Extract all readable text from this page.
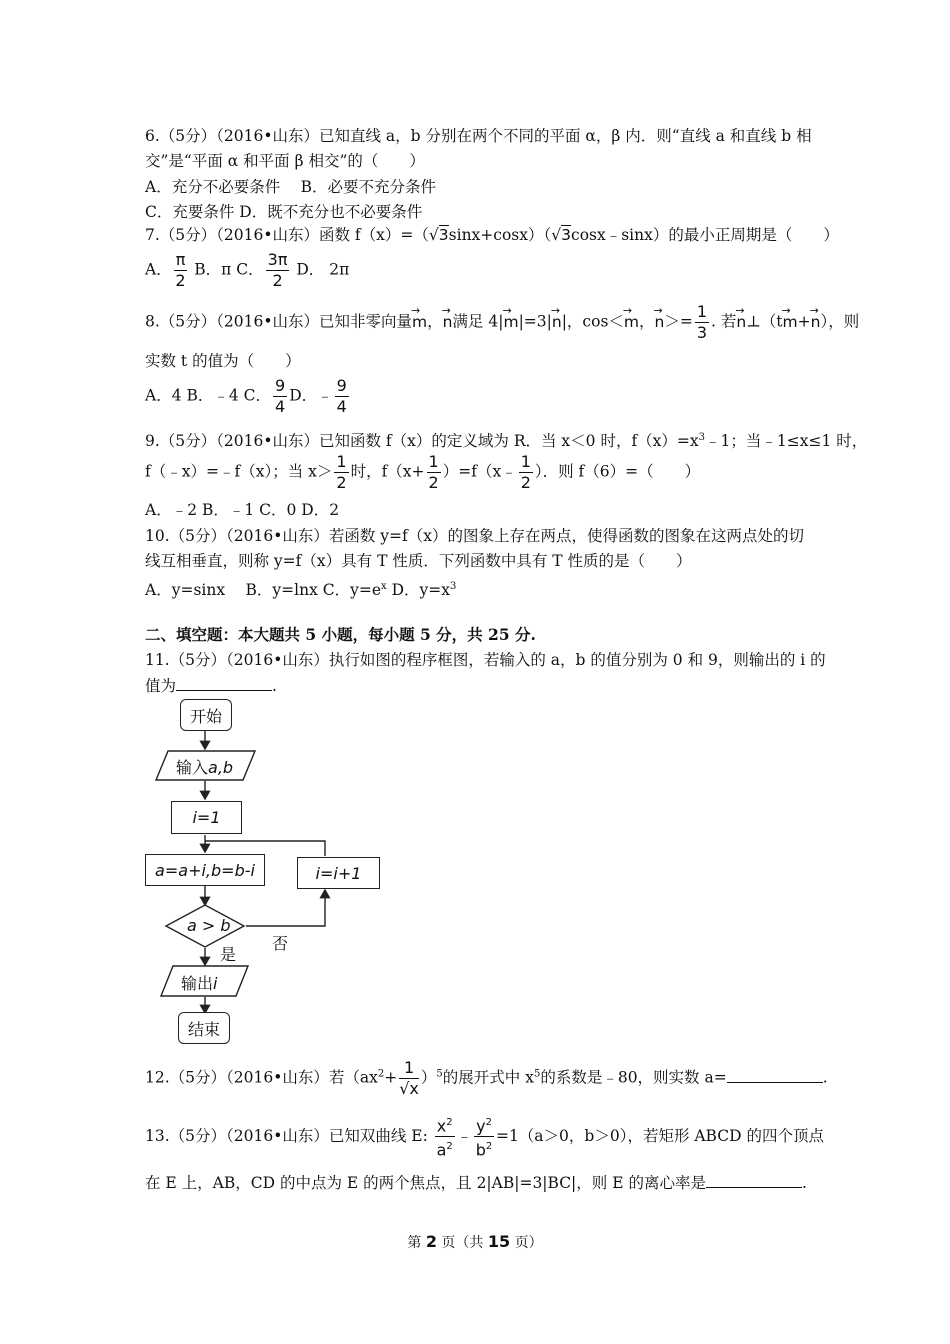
6.（5分）（2016•山东）已知直线 a，b 分别在两个不同的平面 α，β 内．则“直线 a 和直线 b 相
交”是“平面 α 和平面 β 相交”的（　　）
A．充分不必要条件　 B．必要不充分条件
C．充要条件 D．既不充分也不必要条件
7.（5分）（2016•山东）函数 f（x）=（√3sinx+cosx）（√3cosx﹣sinx）的最小正周期是（　　）
A． $\frac{\pi}{2}$ B．π C． $\frac{3\pi}{2}$ D． 2π
8.（5分）（2016•山东）已知非零向量→ m，→ n满足 4|→ m|=3|→ n|，cos＜→ m，→ $n>= \frac{1}{3}$ . 若→ n⊥（t→ m+→ n），则
实数 t 的值为（　　）
A．4 B．﹣4 C． $\frac{9}{4}$ D．﹣ $\frac{9}{4}$
9.（5分）（2016•山东）已知函数 f（x）的定义域为 R．当 x＜0 时，$f(x)=x^3﹣1$；当﹣1≤x≤1 时，
f（﹣x）=﹣f（x）；当 $x> \frac{1}{2}$ 时，$f(x+ \frac{1}{2}$ ）=f（x﹣ $\frac{1}{2}$ ）．则 f（6）=（　　）
A．﹣2 B．﹣1 C．0 D．2
10.（5分）（2016•山东）若函数 y=f（x）的图象上存在两点，使得函数的图象在这两点处的切
线互相垂直，则称 y=f（x）具有 T 性质．下列函数中具有 T 性质的是（　　）
A．y=sinx　 B．y=lnx C．$y=e^x$ D．$y=x^3$
二、填空题：本大题共 5 小题，每小题 5 分，共 25 分.
11.（5分）（2016•山东）执行如图的程序框图，若输入的 a，b 的值分别为 0 和 9，则输出的 i 的
值为	.
开始
输入a,b
i=1
a=a+i,b=b-i	i=i+1
a > b
是
否
输出i
结束
12.（5分）（2016•山东）若$(ax^2+ \frac{1}{√x} )^5$的展开式中 $x^5$的系数是﹣80，则实数 a=	.
13.（5分）（2016•山东）已知双曲线 E: $\frac{x^2}{a^2}$ ﹣ $\frac{y^2}{b^2} =1(a>0$，b＞0），若矩形 ABCD 的四个顶点
在 E 上，AB，CD 的中点为 E 的两个焦点，且 2|AB|=3|BC|，则 E 的离心率是	.
第 2 页（共 15 页）
